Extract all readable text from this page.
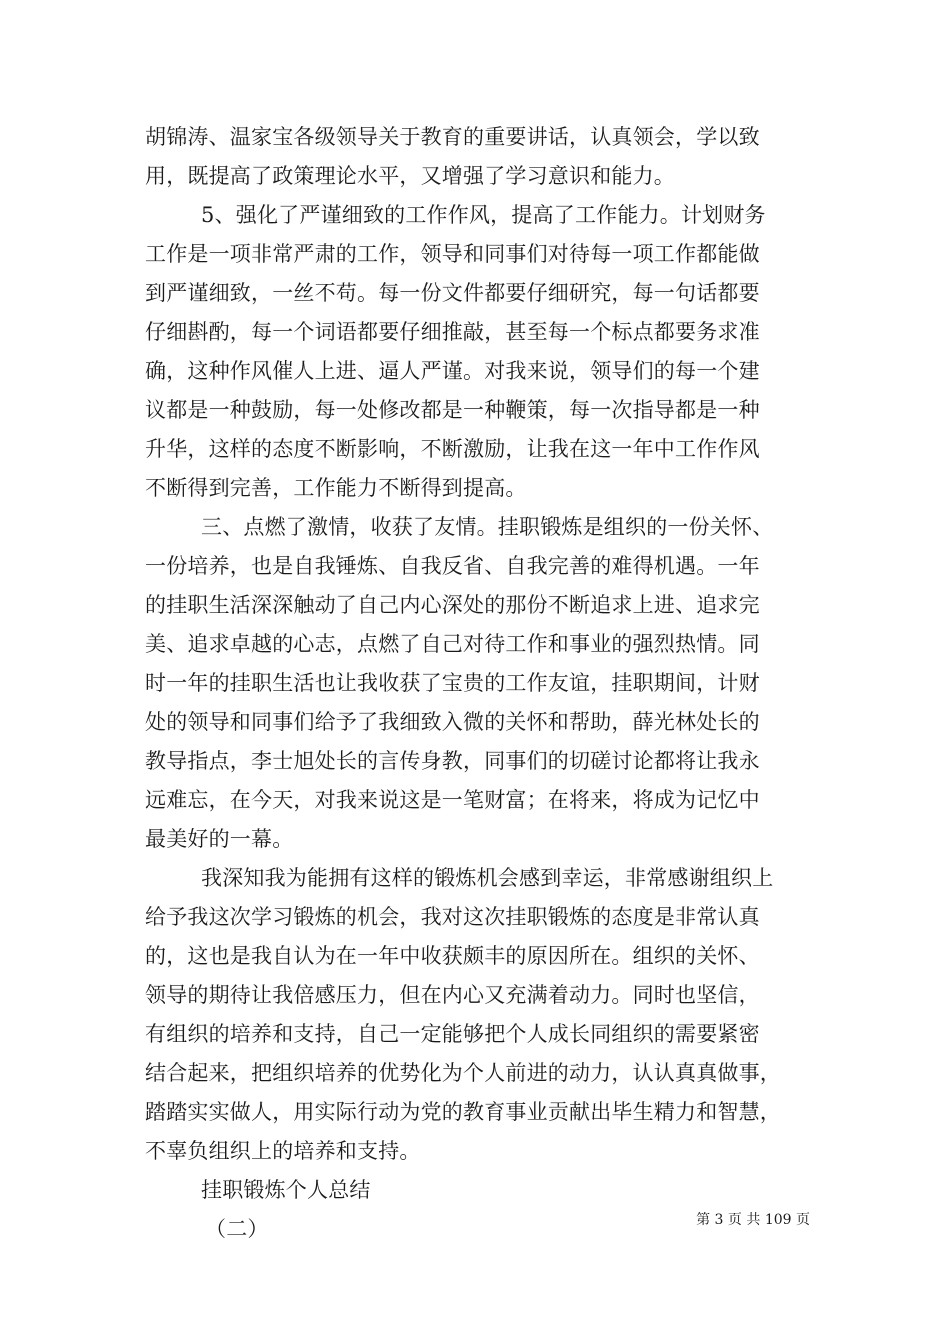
胡锦涛、温家宝各级领导关于教育的重要讲话，认真领会，学以致
用，既提高了政策理论水平，又增强了学习意识和能力。
5、强化了严谨细致的工作作风，提高了工作能力。计划财务
工作是一项非常严肃的工作，领导和同事们对待每一项工作都能做
到严谨细致，一丝不苟。每一份文件都要仔细研究，每一句话都要
仔细斟酌，每一个词语都要仔细推敲，甚至每一个标点都要务求准
确，这种作风催人上进、逼人严谨。对我来说，领导们的每一个建
议都是一种鼓励，每一处修改都是一种鞭策，每一次指导都是一种
升华，这样的态度不断影响，不断激励，让我在这一年中工作作风
不断得到完善，工作能力不断得到提高。
三、点燃了激情，收获了友情。挂职锻炼是组织的一份关怀、
一份培养，也是自我锤炼、自我反省、自我完善的难得机遇。一年
的挂职生活深深触动了自己内心深处的那份不断追求上进、追求完
美、追求卓越的心志，点燃了自己对待工作和事业的强烈热情。同
时一年的挂职生活也让我收获了宝贵的工作友谊，挂职期间，计财
处的领导和同事们给予了我细致入微的关怀和帮助，薛光林处长的
教导指点，李士旭处长的言传身教，同事们的切磋讨论都将让我永
远难忘，在今天，对我来说这是一笔财富；在将来，将成为记忆中
最美好的一幕。
我深知我为能拥有这样的锻炼机会感到幸运，非常感谢组织上
给予我这次学习锻炼的机会，我对这次挂职锻炼的态度是非常认真
的，这也是我自认为在一年中收获颇丰的原因所在。组织的关怀、
领导的期待让我倍感压力，但在内心又充满着动力。同时也坚信，
有组织的培养和支持，自己一定能够把个人成长同组织的需要紧密
结合起来，把组织培养的优势化为个人前进的动力，认认真真做事，
踏踏实实做人，用实际行动为党的教育事业贡献出毕生精力和智慧，
不辜负组织上的培养和支持。
挂职锻炼个人总结
（二）	第 3 页 共 109 页
